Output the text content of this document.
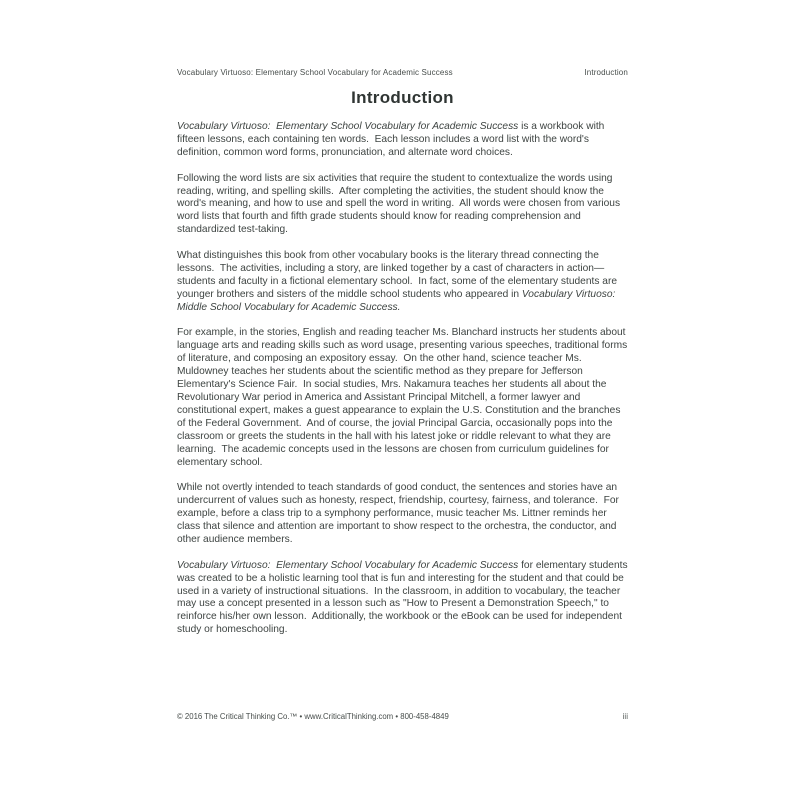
Vocabulary Virtuoso: Elementary School Vocabulary for Academic Success	Introduction
Introduction

Vocabulary Virtuoso:  Elementary School Vocabulary for Academic Success is a workbook with fifteen lessons, each containing ten words.  Each lesson includes a word list with the word's definition, common word forms, pronunciation, and alternate word choices.

Following the word lists are six activities that require the student to contextualize the words using reading, writing, and spelling skills.  After completing the activities, the student should know the word's meaning, and how to use and spell the word in writing.  All words were chosen from various word lists that fourth and fifth grade students should know for reading comprehension and standardized test-taking.

What distinguishes this book from other vocabulary books is the literary thread connecting the lessons.  The activities, including a story, are linked together by a cast of characters in action—students and faculty in a fictional elementary school.  In fact, some of the elementary students are younger brothers and sisters of the middle school students who appeared in Vocabulary Virtuoso: Middle School Vocabulary for Academic Success.

For example, in the stories, English and reading teacher Ms. Blanchard instructs her students about language arts and reading skills such as word usage, presenting various speeches, traditional forms of literature, and composing an expository essay.  On the other hand, science teacher Ms. Muldowney teaches her students about the scientific method as they prepare for Jefferson Elementary's Science Fair.  In social studies, Mrs. Nakamura teaches her students all about the Revolutionary War period in America and Assistant Principal Mitchell, a former lawyer and constitutional expert, makes a guest appearance to explain the U.S. Constitution and the branches of the Federal Government.  And of course, the jovial Principal Garcia, occasionally pops into the classroom or greets the students in the hall with his latest joke or riddle relevant to what they are learning.  The academic concepts used in the lessons are chosen from curriculum guidelines for elementary school.

While not overtly intended to teach standards of good conduct, the sentences and stories have an undercurrent of values such as honesty, respect, friendship, courtesy, fairness, and tolerance.  For example, before a class trip to a symphony performance, music teacher Ms. Littner reminds her class that silence and attention are important to show respect to the orchestra, the conductor, and other audience members.

Vocabulary Virtuoso:  Elementary School Vocabulary for Academic Success for elementary students was created to be a holistic learning tool that is fun and interesting for the student and that could be used in a variety of instructional situations.  In the classroom, in addition to vocabulary, the teacher may use a concept presented in a lesson such as "How to Present a Demonstration Speech," to reinforce his/her own lesson.  Additionally, the workbook or the eBook can be used for independent study or homeschooling.

© 2016 The Critical Thinking Co.™ • www.CriticalThinking.com • 800-458-4849	iii
